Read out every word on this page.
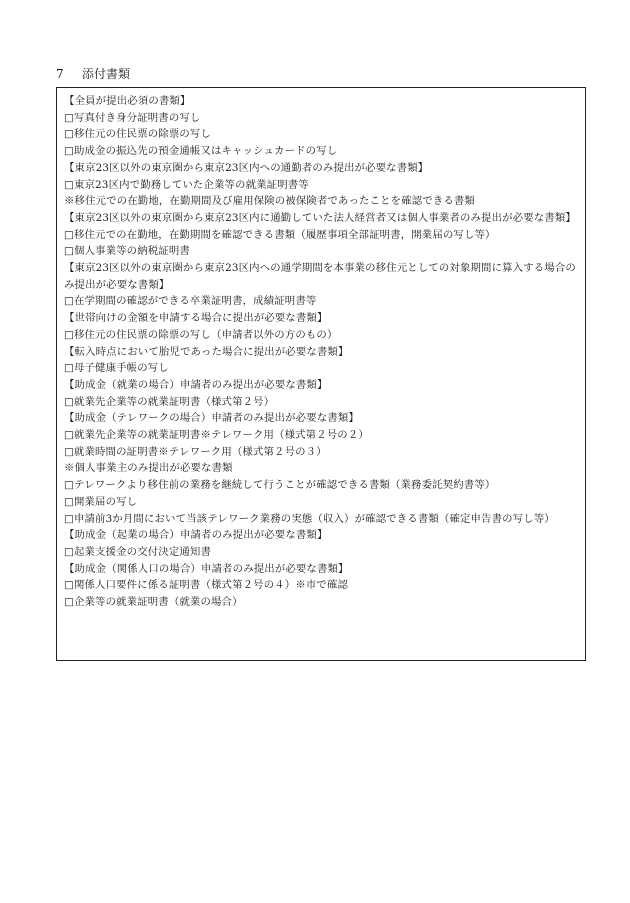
7 添付書類
【全員が提出必須の書類】
□写真付き身分証明書の写し
□移住元の住民票の除票の写し
□助成金の振込先の預金通帳又はキャッシュカードの写し
【東京23区以外の東京圏から東京23区内への通勤者のみ提出が必要な書類】
□東京23区内で勤務していた企業等の就業証明書等
※移住元での在勤地，在勤期間及び雇用保険の被保険者であったことを確認できる書類
【東京23区以外の東京圏から東京23区内に通勤していた法人経営者又は個人事業者のみ提出が必要な書類】
□移住元での在勤地，在勤期間を確認できる書類（履歴事項全部証明書，開業届の写し等）
□個人事業等の納税証明書
【東京23区以外の東京圏から東京23区内への通学期間を本事業の移住元としての対象期間に算入する場合のみ提出が必要な書類】
□在学期間の確認ができる卒業証明書，成績証明書等
【世帯向けの金額を申請する場合に提出が必要な書類】
□移住元の住民票の除票の写し（申請者以外の方のもの）
【転入時点において胎児であった場合に提出が必要な書類】
□母子健康手帳の写し
【助成金（就業の場合）申請者のみ提出が必要な書類】
□就業先企業等の就業証明書（様式第２号）
【助成金（テレワークの場合）申請者のみ提出が必要な書類】
□就業先企業等の就業証明書※テレワーク用（様式第２号の２）
□就業時間の証明書※テレワーク用（様式第２号の３）
※個人事業主のみ提出が必要な書類
□テレワークより移住前の業務を継続して行うことが確認できる書類（業務委託契約書等）
□開業届の写し
□申請前3か月間において当該テレワーク業務の実態（収入）が確認できる書類（確定申告書の写し等）
【助成金（起業の場合）申請者のみ提出が必要な書類】
□起業支援金の交付決定通知書
【助成金（関係人口の場合）申請者のみ提出が必要な書類】
□関係人口要件に係る証明書（様式第２号の４）※市で確認
□企業等の就業証明書（就業の場合）
